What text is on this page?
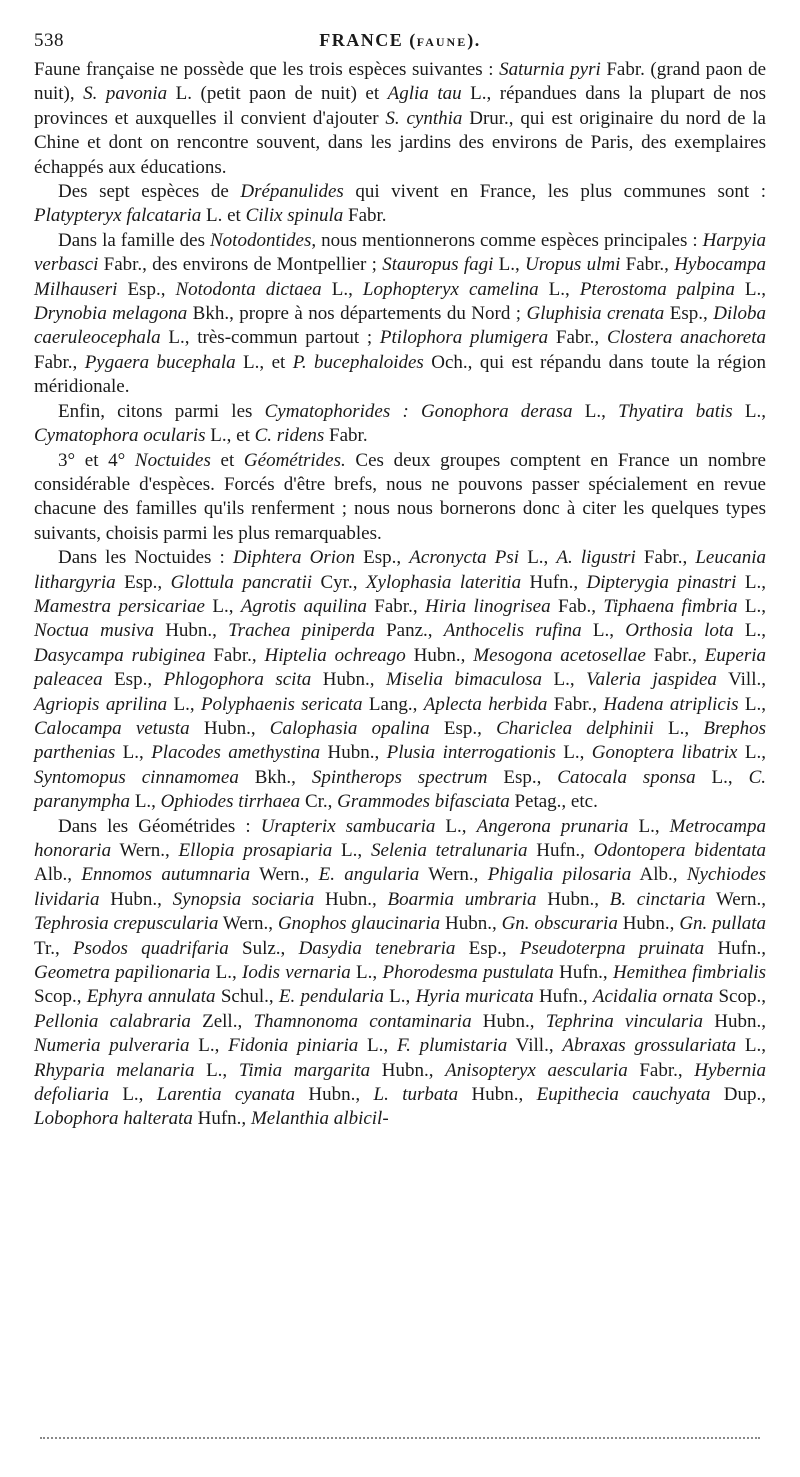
538	FRANCE (FAUNE).

Faune française ne possède que les trois espèces suivantes : Saturnia pyri Fabr. (grand paon de nuit), S. pavonia L. (petit paon de nuit) et Aglia tau L., répandues dans la plupart de nos provinces et auxquelles il convient d'ajouter S. cynthia Drur., qui est originaire du nord de la Chine et dont on rencontre souvent, dans les jardins des environs de Paris, des exemplaires échappés aux éducations.

Des sept espèces de Drépanulides qui vivent en France, les plus communes sont : Platypteryx falcataria L. et Cilix spinula Fabr.

Dans la famille des Notodontides, nous mentionnerons comme espèces principales : Harpyia verbasci Fabr., des environs de Montpellier ; Stauropus fagi L., Uropus ulmi Fabr., Hybocampa Milhauseri Esp., Notodonta dictaea L., Lophopteryx camelina L., Pterostoma palpina L., Drynobia melagona Bkh., propre à nos départements du Nord ; Gluphisia crenata Esp., Diloba caeruleocephala L., très-commun partout ; Ptilophora plumigera Fabr., Clostera anachoreta Fabr., Pygaera bucephala L., et P. bucephaloides Och., qui est répandu dans toute la région méridionale.

Enfin, citons parmi les Cymatophorides : Gonophora derasa L., Thyatira batis L., Cymatophora ocularis L., et C. ridens Fabr.

3° et 4° Noctuides et Géométrides. Ces deux groupes comptent en France un nombre considérable d'espèces. Forcés d'être brefs, nous ne pouvons passer spécialement en revue chacune des familles qu'ils renferment ; nous nous bornerons donc à citer les quelques types suivants, choisis parmi les plus remarquables.

Dans les Noctuides : Diphtera Orion Esp., Acronycta Psi L., A. ligustri Fabr., Leucania lithargyria Esp., Glottula pancratii Cyr., Xylophasia lateritia Hufn., Dipterygia pinastri L., Mamestra persicariae L., Agrotis aquilina Fabr., Hiria linogrisea Fab., Tiphaena fimbria L., Noctua musiva Hubn., Trachea piniperda Panz., Anthocelis rufina L., Orthosia lota L., Dasycampa rubiginea Fabr., Hiptelia ochreago Hubn., Mesogona acetosellae Fabr., Euperia paleacea Esp., Phlogophora scita Hubn., Miselia bimaculosa L., Valeria jaspidea Vill., Agriopis aprilina L., Polyphaenis sericata Lang., Aplecta herbida Fabr., Hadena atriplicis L., Calocampa vetusta Hubn., Calophasia opalina Esp., Chariclea delphinii L., Brephos parthenias L., Placodes amethystina Hubn., Plusia interrogationis L., Gonoptera libatrix L., Syntomopus cinnamomea Bkh., Spintherops spectrum Esp., Catocala sponsa L., C. paranympha L., Ophiodes tirrhaea Cr., Grammodes bifasciata Petag., etc.

Dans les Géométrides : Urapterix sambucaria L., Angerona prunaria L., Metrocampa honoraria Wern., Ellopia prosapiaria L., Selenia tetralunaria Hufn., Odontopera bidentata Alb., Ennomos autumnaria Wern., E. angularia Wern., Phigalia pilosaria Alb., Nychiodes lividaria Hubn., Synopsia sociaria Hubn., Boarmia umbraria Hubn., B. cinctaria Wern., Tephrosia crepuscularia Wern., Gnophos glaucinaria Hubn., Gn. obscuraria Hubn., Gn. pullata Tr., Psodos quadrifaria Sulz., Dasydia tenebraria Esp., Pseudoterpna pruinata Hufn., Geometra papilionaria L., Iodis vernaria L., Phorodesma pustulata Hufn., Hemithea fimbrialis Scop., Ephyra annulata Schul., E. pendularia L., Hyria muricata Hufn., Acidalia ornata Scop., Pellonia calabraria Zell., Thamnonoma contaminaria Hubn., Tephrina vincularia Hubn., Numeria pulveraria L., Fidonia piniaria L., F. plumistaria Vill., Abraxas grossulariata L., Rhyparia melanaria L., Timia margarita Hubn., Anisopteryx aescularia Fabr., Hybernia defoliaria L., Larentia cyanata Hubn., L. turbata Hubn., Eupithecia cauchyata Dup., Lobophora halterata Hufn., Melanthia albicil-
